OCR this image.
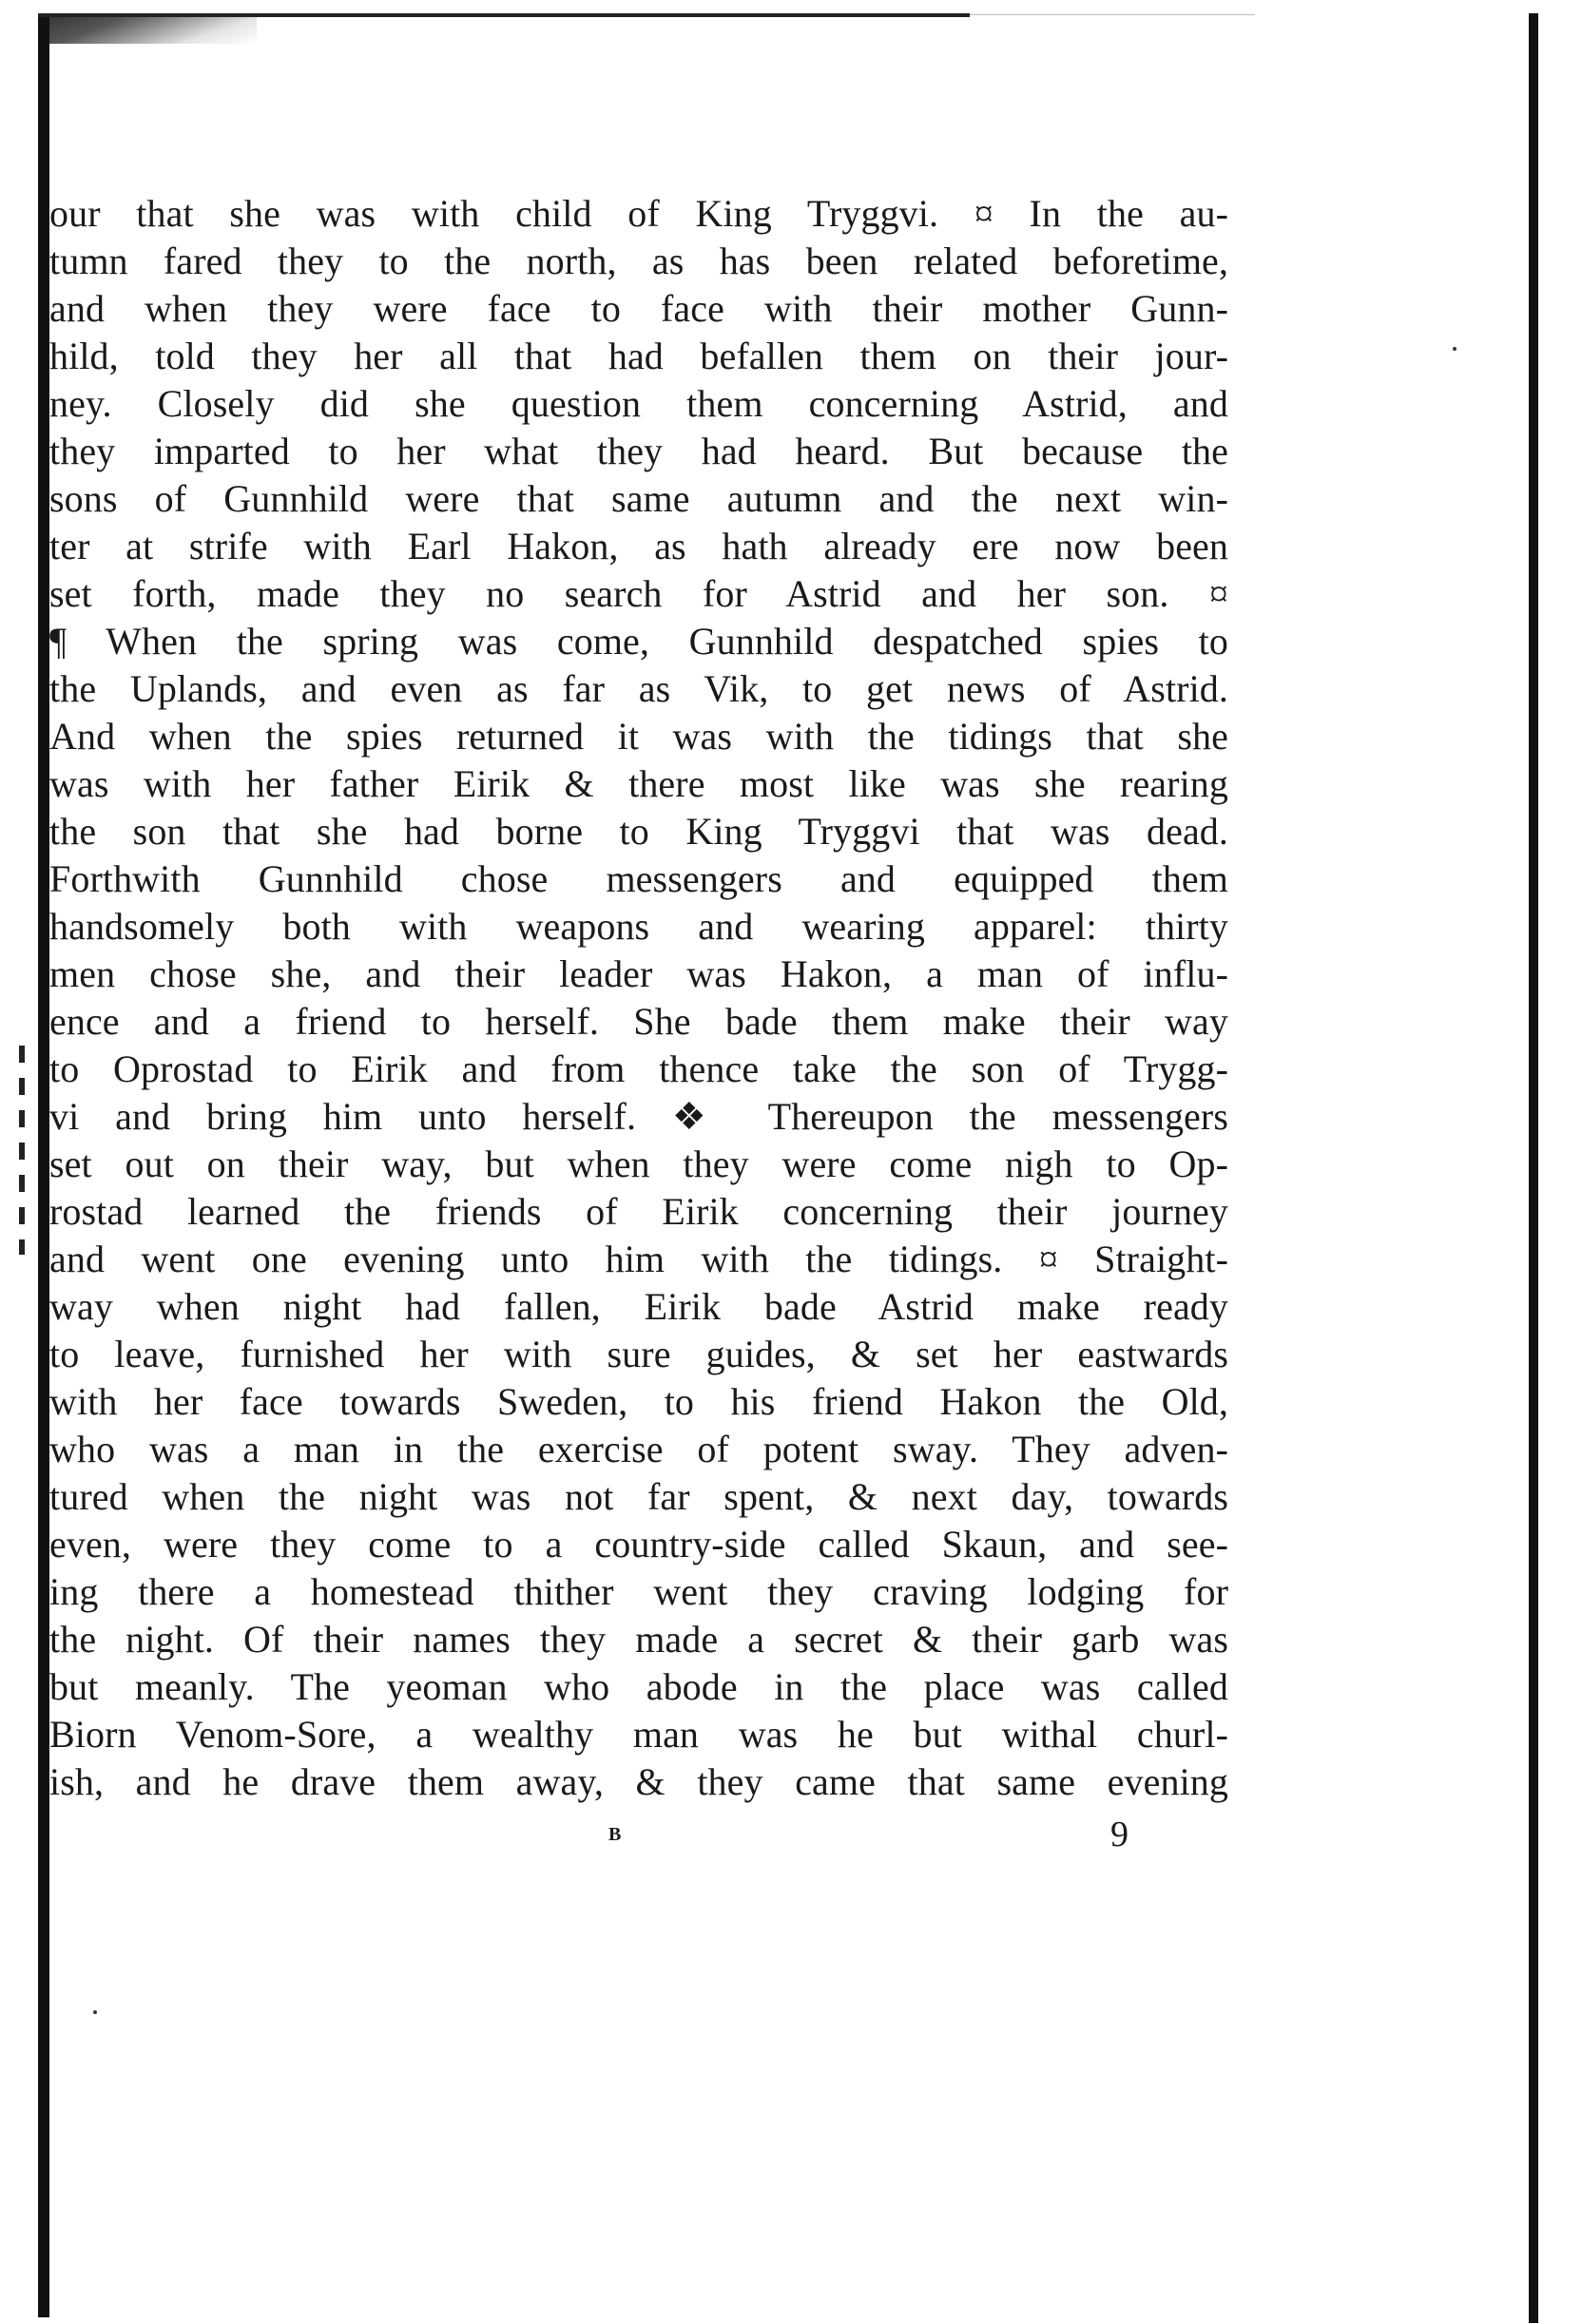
our that she was with child of King Tryggvi. ¤ In the au-
tumn fared they to the north, as has been related beforetime,
and when they were face to face with their mother Gunn-
hild, told they her all that had befallen them on their jour-
ney. Closely did she question them concerning Astrid, and
they imparted to her what they had heard. But because the
sons of Gunnhild were that same autumn and the next win-
ter at strife with Earl Hakon, as hath already ere now been
set forth, made they no search for Astrid and her son. ¤
¶ When the spring was come, Gunnhild despatched spies to
the Uplands, and even as far as Vik, to get news of Astrid.
And when the spies returned it was with the tidings that she
was with her father Eirik & there most like was she rearing
the son that she had borne to King Tryggvi that was dead.
Forthwith Gunnhild chose messengers and equipped them
handsomely both with weapons and wearing apparel: thirty
men chose she, and their leader was Hakon, a man of influ-
ence and a friend to herself. She bade them make their way
to Oprostad to Eirik and from thence take the son of Trygg-
vi and bring him unto herself. ❖ Thereupon the messengers
set out on their way, but when they were come nigh to Op-
rostad learned the friends of Eirik concerning their journey
and went one evening unto him with the tidings. ¤ Straight-
way when night had fallen, Eirik bade Astrid make ready
to leave, furnished her with sure guides, & set her eastwards
with her face towards Sweden, to his friend Hakon the Old,
who was a man in the exercise of potent sway. They adven-
tured when the night was not far spent, & next day, towards
even, were they come to a country-side called Skaun, and see-
ing there a homestead thither went they craving lodging for
the night. Of their names they made a secret & their garb was
but meanly. The yeoman who abode in the place was called
Biorn Venom-Sore, a wealthy man was he but withal churl-
ish, and he drave them away, & they came that same evening
B	9
